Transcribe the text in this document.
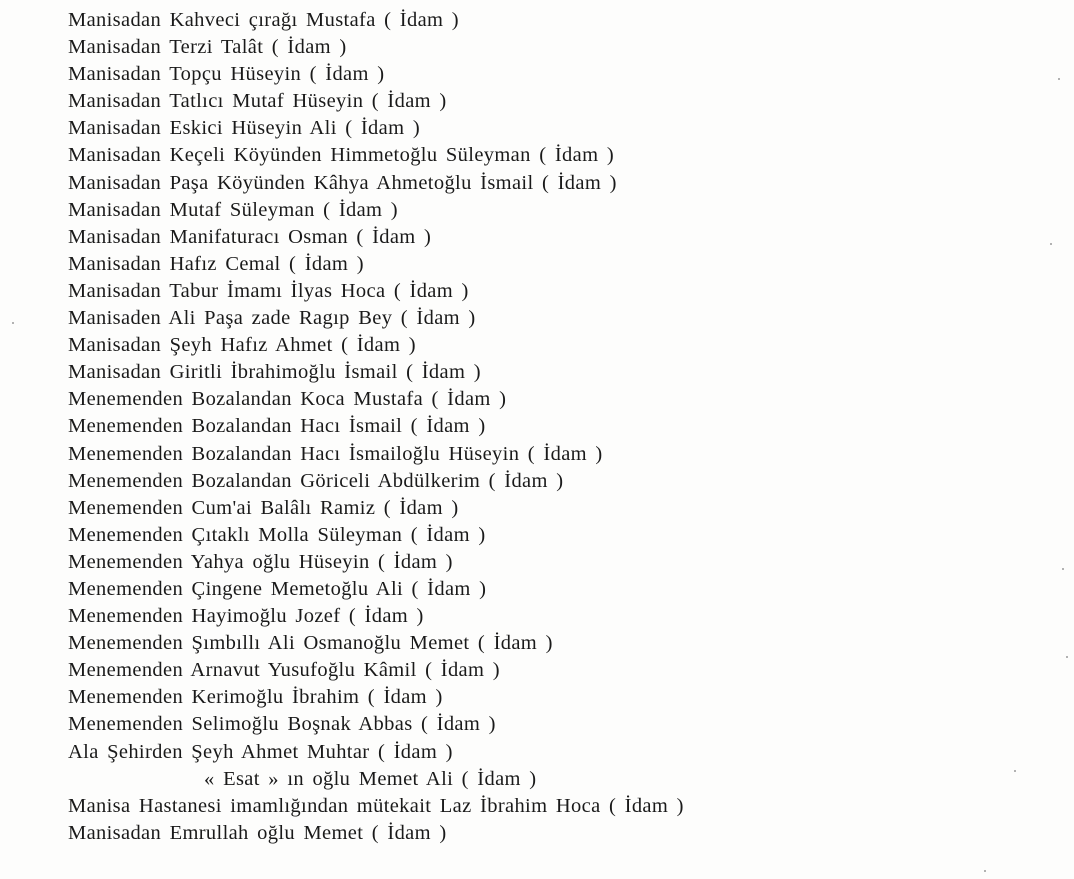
Manisadan Kahveci çırağı Mustafa ( İdam )
Manisadan Terzi Talât ( İdam )
Manisadan Topçu Hüseyin ( İdam )
Manisadan Tatlıcı Mutaf Hüseyin ( İdam )
Manisadan Eskici Hüseyin Ali ( İdam )
Manisadan Keçeli Köyünden Himmetoğlu Süleyman ( İdam )
Manisadan Paşa Köyünden Kâhya Ahmetoğlu İsmail ( İdam )
Manisadan Mutaf Süleyman ( İdam )
Manisadan Manifaturacı Osman ( İdam )
Manisadan Hafız Cemal ( İdam )
Manisadan Tabur İmamı İlyas Hoca ( İdam )
Manisaden Ali Paşa zade Ragıp Bey ( İdam )
Manisadan Şeyh Hafız Ahmet ( İdam )
Manisadan Giritli İbrahimoğlu İsmail ( İdam )
Menemenden Bozalandan Koca Mustafa ( İdam )
Menemenden Bozalandan Hacı İsmail ( İdam )
Menemenden Bozalandan Hacı İsmailoğlu Hüseyin ( İdam )
Menemenden Bozalandan Göriceli Abdülkerim ( İdam )
Menemenden Cum'ai Balâlı Ramiz ( İdam )
Menemenden Çıtaklı Molla Süleyman ( İdam )
Menemenden Yahya oğlu Hüseyin ( İdam )
Menemenden Çingene Memetoğlu Ali ( İdam )
Menemenden Hayimoğlu Jozef ( İdam )
Menemenden Şımbıllı Ali Osmanoğlu Memet ( İdam )
Menemenden Arnavut Yusufoğlu Kâmil ( İdam )
Menemenden Kerimoğlu İbrahim ( İdam )
Menemenden Selimoğlu Boşnak Abbas ( İdam )
Ala Şehirden Şeyh Ahmet Muhtar ( İdam )
« Esat » ın oğlu Memet Ali ( İdam )
Manisa Hastanesi imamlığından mütekait Laz İbrahim Hoca ( İdam )
Manisadan Emrullah oğlu Memet ( İdam )
